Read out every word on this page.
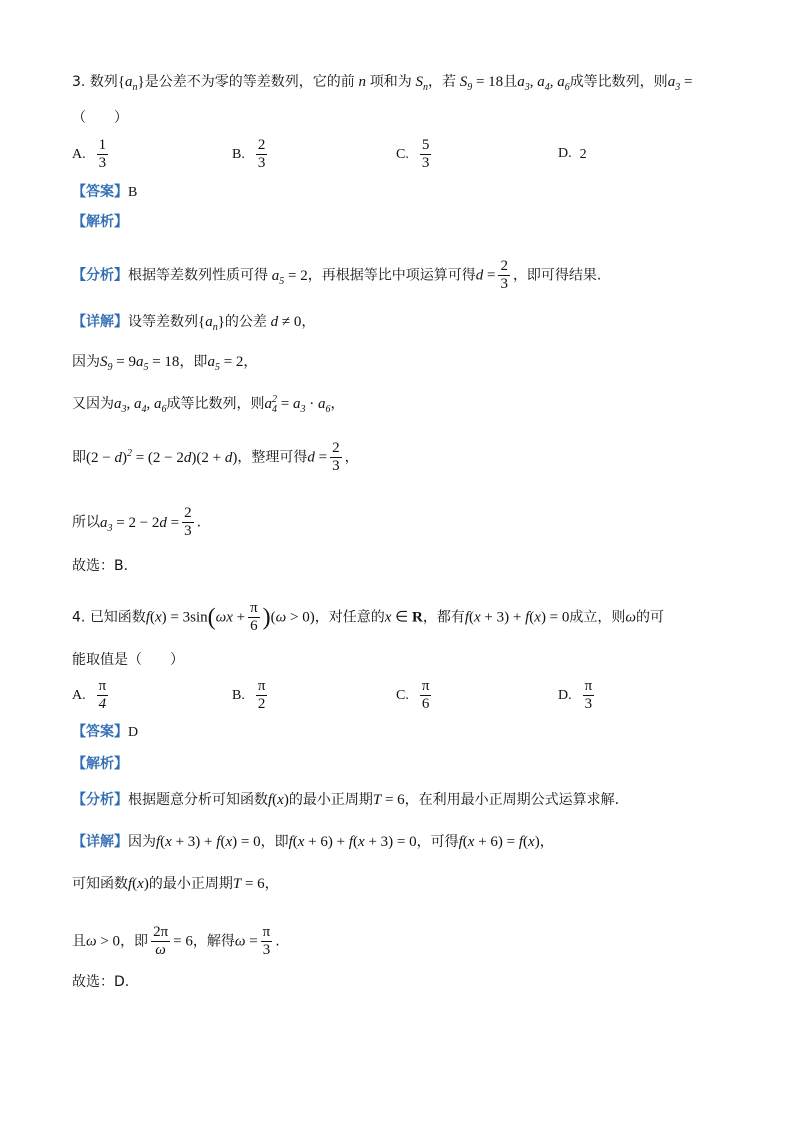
3. 数列$\{a_n\}$是公差不为零的等差数列，它的前 n 项和为 $S_n$，若 $S_9 = 18$且$a_3$, $a_4$, $a_6$成等比数列，则$a_3$ =
（　　）
A. $\frac{1}{3}$	B. $\frac{2}{3}$	C. $\frac{5}{3}$	D. 2
【答案】B
【解析】
【分析】根据等差数列性质可得 $a_5 = 2$，再根据等比中项运算可得$d = \frac{2}{3}$ ，即可得结果.
【详解】设等差数列$\{a_n\}$的公差 d ≠ 0，
因为$S_9 = 9a_5 = 18$，即$a_5 = 2$，
又因为$a_3$, $a_4$, $a_6$成等比数列，则a $_{2 4} = a_3 \cdot a_6$，
即$(2 - d)^2 = (2 - 2d)(2 + d)$，整理可得$d = \frac{2}{3}$ ，
所以$a_3 = 2 - 2d = \frac{2}{3}$ .
故选：B.
4. 已知函数$f(x) = 3\sin(\omega x + \frac{\pi}{6} )(\omega > 0)$，对任意的x ∈ R，都有f(x + 3) + f(x) = 0成立，则ω的可
能取值是（　　）
A. $\frac{\pi}{4}$	B. $\frac{\pi}{2}$	C. $\frac{\pi}{6}$	D. $\frac{\pi}{3}$
【答案】D
【解析】
【分析】根据题意分析可知函数f(x)的最小正周期T = 6，在利用最小正周期公式运算求解.
【详解】因为f(x + 3) + f(x) = 0，即f(x + 6) + f(x + 3) = 0，可得f(x + 6) = f(x)，
可知函数f(x)的最小正周期T = 6，
且ω > 0，即 $\frac{2\pi}{\omega} = 6$，解得$\omega = \frac{\pi}{3}$ .
故选：D.
